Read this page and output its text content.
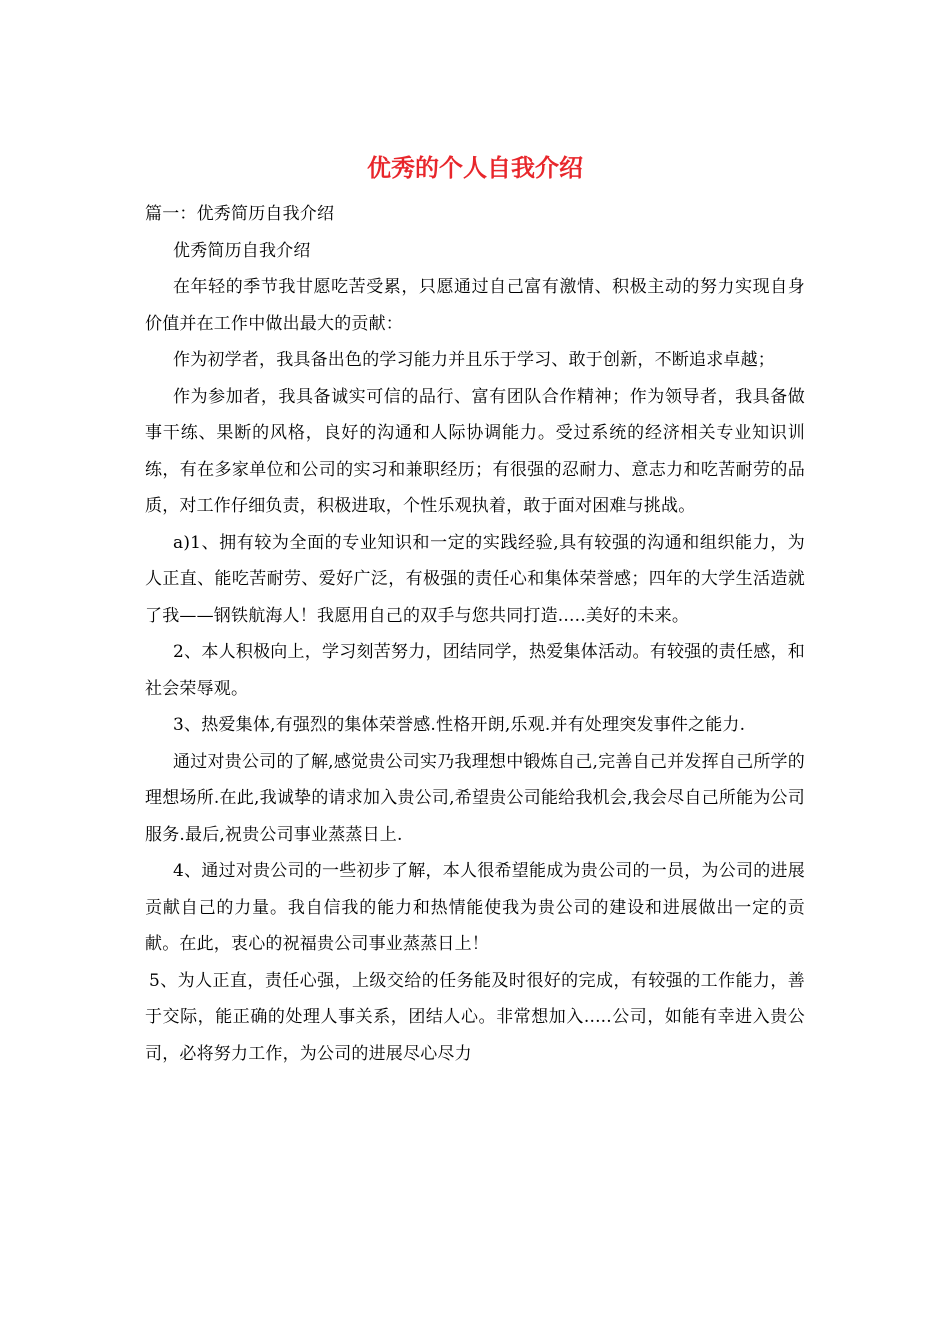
优秀的个人自我介绍

篇一：优秀简历自我介绍

优秀简历自我介绍

在年轻的季节我甘愿吃苦受累，只愿通过自己富有激情、积极主动的努力实现自身价值并在工作中做出最大的贡献：

作为初学者，我具备出色的学习能力并且乐于学习、敢于创新，不断追求卓越；

作为参加者，我具备诚实可信的品行、富有团队合作精神；作为领导者，我具备做事干练、果断的风格，良好的沟通和人际协调能力。受过系统的经济相关专业知识训练，有在多家单位和公司的实习和兼职经历；有很强的忍耐力、意志力和吃苦耐劳的品质，对工作仔细负责，积极进取，个性乐观执着，敢于面对困难与挑战。

a)1、拥有较为全面的专业知识和一定的实践经验,具有较强的沟通和组织能力，为人正直、能吃苦耐劳、爱好广泛，有极强的责任心和集体荣誉感；四年的大学生活造就了我——钢铁航海人！我愿用自己的双手与您共同打造.....美好的未来。

2、本人积极向上，学习刻苦努力，团结同学，热爱集体活动。有较强的责任感，和社会荣辱观。

3、热爱集体,有强烈的集体荣誉感.性格开朗,乐观.并有处理突发事件之能力.

通过对贵公司的了解,感觉贵公司实乃我理想中锻炼自己,完善自己并发挥自己所学的理想场所.在此,我诚挚的请求加入贵公司,希望贵公司能给我机会,我会尽自己所能为公司服务.最后,祝贵公司事业蒸蒸日上.

4、通过对贵公司的一些初步了解，本人很希望能成为贵公司的一员，为公司的进展贡献自己的力量。我自信我的能力和热情能使我为贵公司的建设和进展做出一定的贡献。在此，衷心的祝福贵公司事业蒸蒸日上！

5、为人正直，责任心强，上级交给的任务能及时很好的完成，有较强的工作能力，善于交际，能正确的处理人事关系，团结人心。非常想加入.....公司，如能有幸进入贵公司，必将努力工作，为公司的进展尽心尽力
